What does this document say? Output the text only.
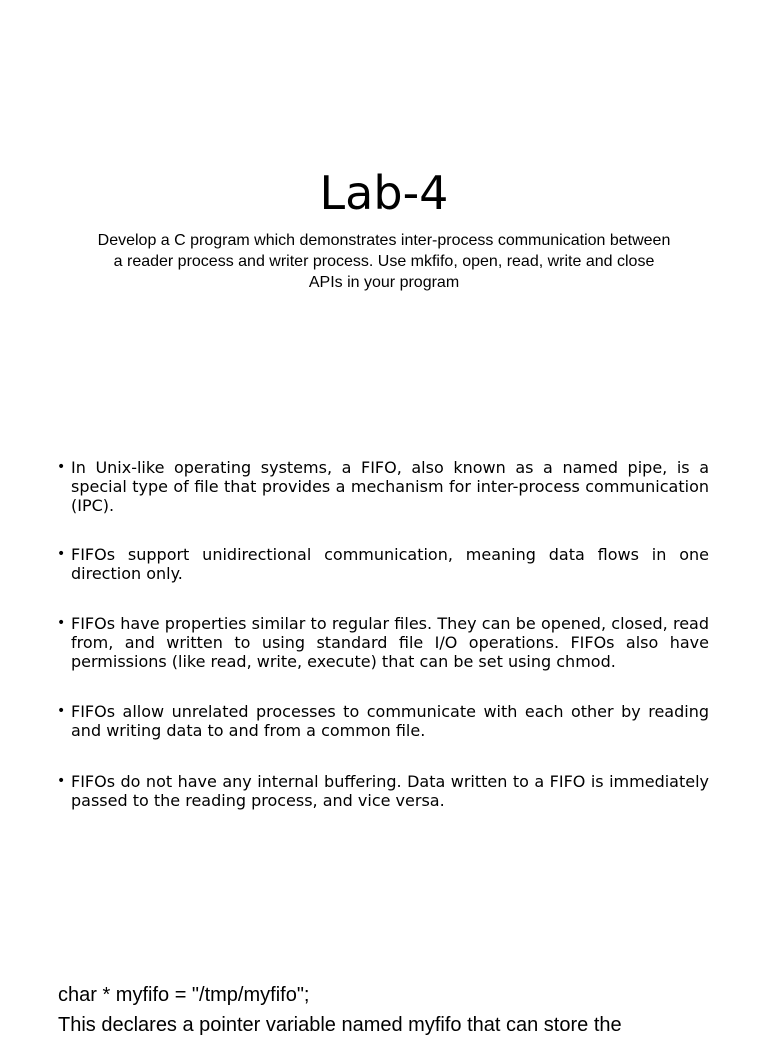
Lab-4
Develop a C program which demonstrates inter-process communication between a reader process and writer process. Use mkfifo, open, read, write and close APIs in your program
• In Unix-like operating systems, a FIFO, also known as a named pipe, is a special type of file that provides a mechanism for inter-process communication (IPC).
• FIFOs support unidirectional communication, meaning data flows in one direction only.
• FIFOs have properties similar to regular files. They can be opened, closed, read from, and written to using standard file I/O operations. FIFOs also have permissions (like read, write, execute) that can be set using chmod.
• FIFOs allow unrelated processes to communicate with each other by reading and writing data to and from a common file.
• FIFOs do not have any internal buffering. Data written to a FIFO is immediately passed to the reading process, and vice versa.
char * myfifo = "/tmp/myfifo";
This declares a pointer variable named myfifo that can store the
